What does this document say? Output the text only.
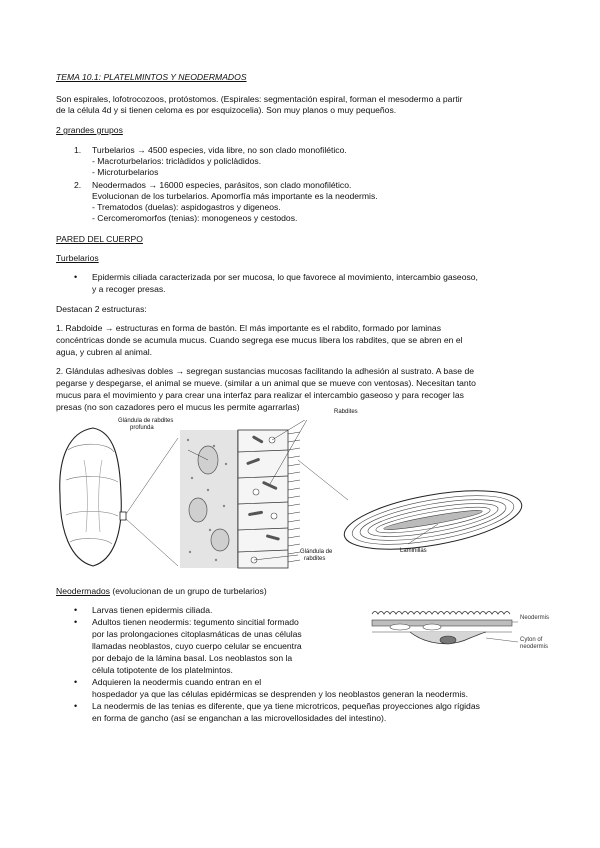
TEMA 10.1: PLATELMINTOS Y NEODERMADOS
Son espirales, lofotrocozoos, protóstomos. (Espirales: segmentación espiral, forman el mesodermo a partir
de la célula 4d y si tienen celoma es por esquizocelia). Son muy planos o muy pequeños.
2 grandes grupos
1. Turbelarios → 4500 especies, vida libre, no son clado monofilético.
- Macroturbelarios: triclàdidos y policlàdidos.
- Microturbelarios
2. Neodermados → 16000 especies, parásitos, son clado monofilético.
Evolucionan de los turbelarios. Apomorfía más importante es la neodermis.
- Trematodos (duelas): aspidogastros y digeneos.
- Cercomeromorfos (tenias): monogeneos y cestodos.
PARED DEL CUERPO
Turbelarios
• Epidermis ciliada caracterizada por ser mucosa, lo que favorece al movimiento, intercambio gaseoso,
y a recoger presas.
Destacan 2 estructuras:
1. Rabdoide → estructuras en forma de bastón. El más importante es el rabdito, formado por laminas
concéntricas donde se acumula mucus. Cuando segrega ese mucus libera los rabdites, que se abren en el
agua, y cubren al animal.
2. Glándulas adhesivas dobles → segregan sustancias mucosas facilitando la adhesión al sustrato. A base de
pegarse y despegarse, el animal se mueve. (similar a un animal que se mueve con ventosas). Necesitan tanto
mucus para el movimiento y para crear una interfaz para realizar el intercambio gaseoso y para recoger las
presas (no son cazadores pero el mucus les permite agarrarlas)
Glándula de rabdites
profunda
Rabdites
Laminillas
Glándula de
rabdites
Neodermados (evolucionan de un grupo de turbelarios)
• Larvas tienen epidermis ciliada.
• Adultos tienen neodermis: tegumento sincitial formado
por las prolongaciones citoplasmáticas de unas células
llamadas neoblastos, cuyo cuerpo celular se encuentra
por debajo de la lámina basal. Los neoblastos son la
célula totipotente de los platelmintos.
• Adquieren la neodermis cuando entran en el
hospedador ya que las células epidérmicas se desprenden y los neoblastos generan la neodermis.
• La neodermis de las tenias es diferente, que ya tiene microtricos, pequeñas proyecciones algo rígidas
en forma de gancho (así se enganchan a las microvellosidades del intestino).
Neodermis
Cyton of
neodermis
